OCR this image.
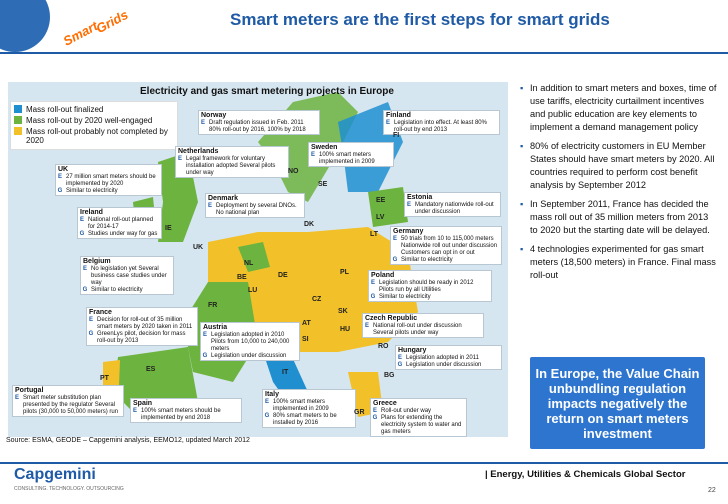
Smart
Grids	Smart meters are the first steps for smart grids
Electricity and gas smart metering projects in Europe
Mass roll-out finalized
Mass roll-out by 2020 well-engaged
Mass roll-out probably not completed by 2020
UK
E 27 million smart meters should be implemented by 2020
G Similar to electricity
Ireland
E National roll-out planned for 2014-17
G Studies under way for gas
Belgium
E No legislation yet Several business case studies under way
G Similar to electricity
France
E Decision for roll-out of 35 million smart meters by 2020 taken in 2011
G GreenLys pilot, decision for mass roll-out by 2013
Portugal
E Smart meter substitution plan presented by the regulator Several pilots (30,000 to 50,000 meters) run
Spain
E 100% smart meters should be implemented by end 2018
Italy
E 100% smart meters implemented in 2009
G 80% smart meters to be installed by 2016
Greece
E Roll-out under way
G Plans for extending the electricity system to water and gas meters
Austria
E Legislation adopted in 2010 Pilots from 10,000 to 240,000 meters
G Legislation under discussion
Netherlands
E Legal framework for voluntary installation adopted Several pilots under way
Norway
E Draft regulation issued in Feb. 2011 80% roll-out by 2016, 100% by 2018
Sweden
E 100% smart meters implemented in 2009
Finland
E Legislation into effect. At least 80% roll-out by end 2013
Denmark
E Deployment by several DNOs. No national plan
Estonia
E Mandatory nationwide roll-out under discussion
Germany
E 50 trials from 10 to 115,000 meters Nationwide roll out under discussion Customers can opt in or out
G Similar to electricity
Poland
E Legislation should be ready in 2012 Pilots run by all Utilities
G Similar to electricity
Czech Republic
E National roll-out under discussion Several pilots under way
Hungary
E Legislation adopted in 2011
G Legislation under discussion
NO
SE
FI
EE
LV
LT
DK
UK
IE
NL
BE
LU
DE	PL
CZ
SK
AT
SI
HU
RO
BG
FR
ES
PT
IT
GR
Source: ESMA, GEODE – Capgemini analysis, EEMO12, updated March 2012
▪ In addition to smart meters and boxes, time of use tariffs, electricity curtailment incentives and public education are key elements to implement a demand management policy
▪ 80% of electricity customers in EU Member States should have smart meters by 2020. All countries required to perform cost benefit analysis by September 2012
▪ In September 2011, France has decided the mass roll out of 35 million meters from 2013 to 2020 but the starting date will be delayed.
▪ 4 technologies experimented for gas smart meters (18,500 meters) in France. Final mass roll-out
In Europe, the Value Chain unbundling regulation impacts negatively the return on smart meters investment
Capgemini
CONSULTING. TECHNOLOGY. OUTSOURCING
| Energy, Utilities & Chemicals Global Sector
22
